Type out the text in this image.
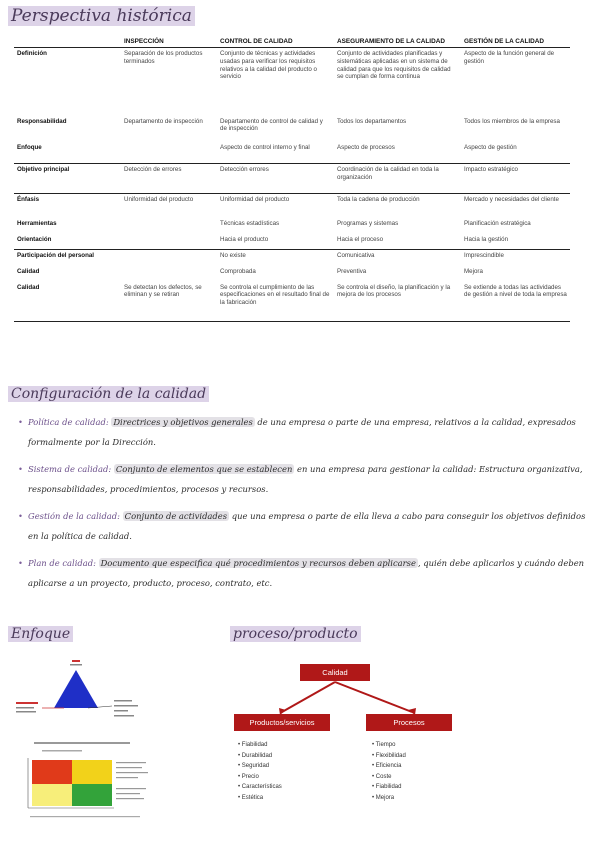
Perspectiva histórica
	INSPECCIÓN	CONTROL DE CALIDAD	ASEGURAMIENTO DE LA CALIDAD	GESTIÓN DE LA CALIDAD
Definición	Separación de los productos terminados	Conjunto de técnicas y actividades usadas para verificar los requisitos relativos a la calidad del producto o servicio	Conjunto de actividades planificadas y sistemáticas aplicadas en un sistema de calidad para que los requisitos de calidad se cumplan de forma continua	Aspecto de la función general de gestión
Responsabilidad	Departamento de inspección	Departamento de control de calidad y de inspección	Todos los departamentos	Todos los miembros de la empresa
Enfoque		Aspecto de control interno y final	Aspecto de procesos	Aspecto de gestión
Objetivo principal	Detección de errores	Detección errores	Coordinación de la calidad en toda la organización	Impacto estratégico
Énfasis	Uniformidad del producto	Uniformidad del producto	Toda la cadena de producción	Mercado y necesidades del cliente
Herramientas		Técnicas estadísticas	Programas y sistemas	Planificación estratégica
Orientación		Hacia el producto	Hacia el proceso	Hacia la gestión
Participación del personal		No existe	Comunicativa	Imprescindible
Calidad		Comprobada	Preventiva	Mejora
Calidad	Se detectan los defectos, se eliminan y se retiran	Se controla el cumplimiento de las especificaciones en el resultado final de la fabricación	Se controla el diseño, la planificación y la mejora de los procesos	Se extiende a todas las actividades de gestión a nivel de toda la empresa
Configuración de la calidad
• Política de calidad: Directrices y objetivos generales de una empresa o parte de una empresa, relativos a la calidad, expresados formalmente por la Dirección.
• Sistema de calidad: Conjunto de elementos que se establecen en una empresa para gestionar la calidad: Estructura organizativa, responsabilidades, procedimientos, procesos y recursos.
• Gestión de la calidad: Conjunto de actividades que una empresa o parte de ella lleva a cabo para conseguir los objetivos definidos en la política de calidad.
• Plan de calidad: Documento que especifica qué procedimientos y recursos deben aplicarse , quién debe aplicarlos y cuándo deben aplicarse a un proyecto, producto, proceso, contrato, etc.
Enfoque	proceso/producto
Calidad
Productos/servicios	Procesos
• Fiabilidad
• Durabilidad
• Seguridad
• Precio
• Características
• Estética
• Tiempo
• Flexibilidad
• Eficiencia
• Coste
• Fiabilidad
• Mejora
